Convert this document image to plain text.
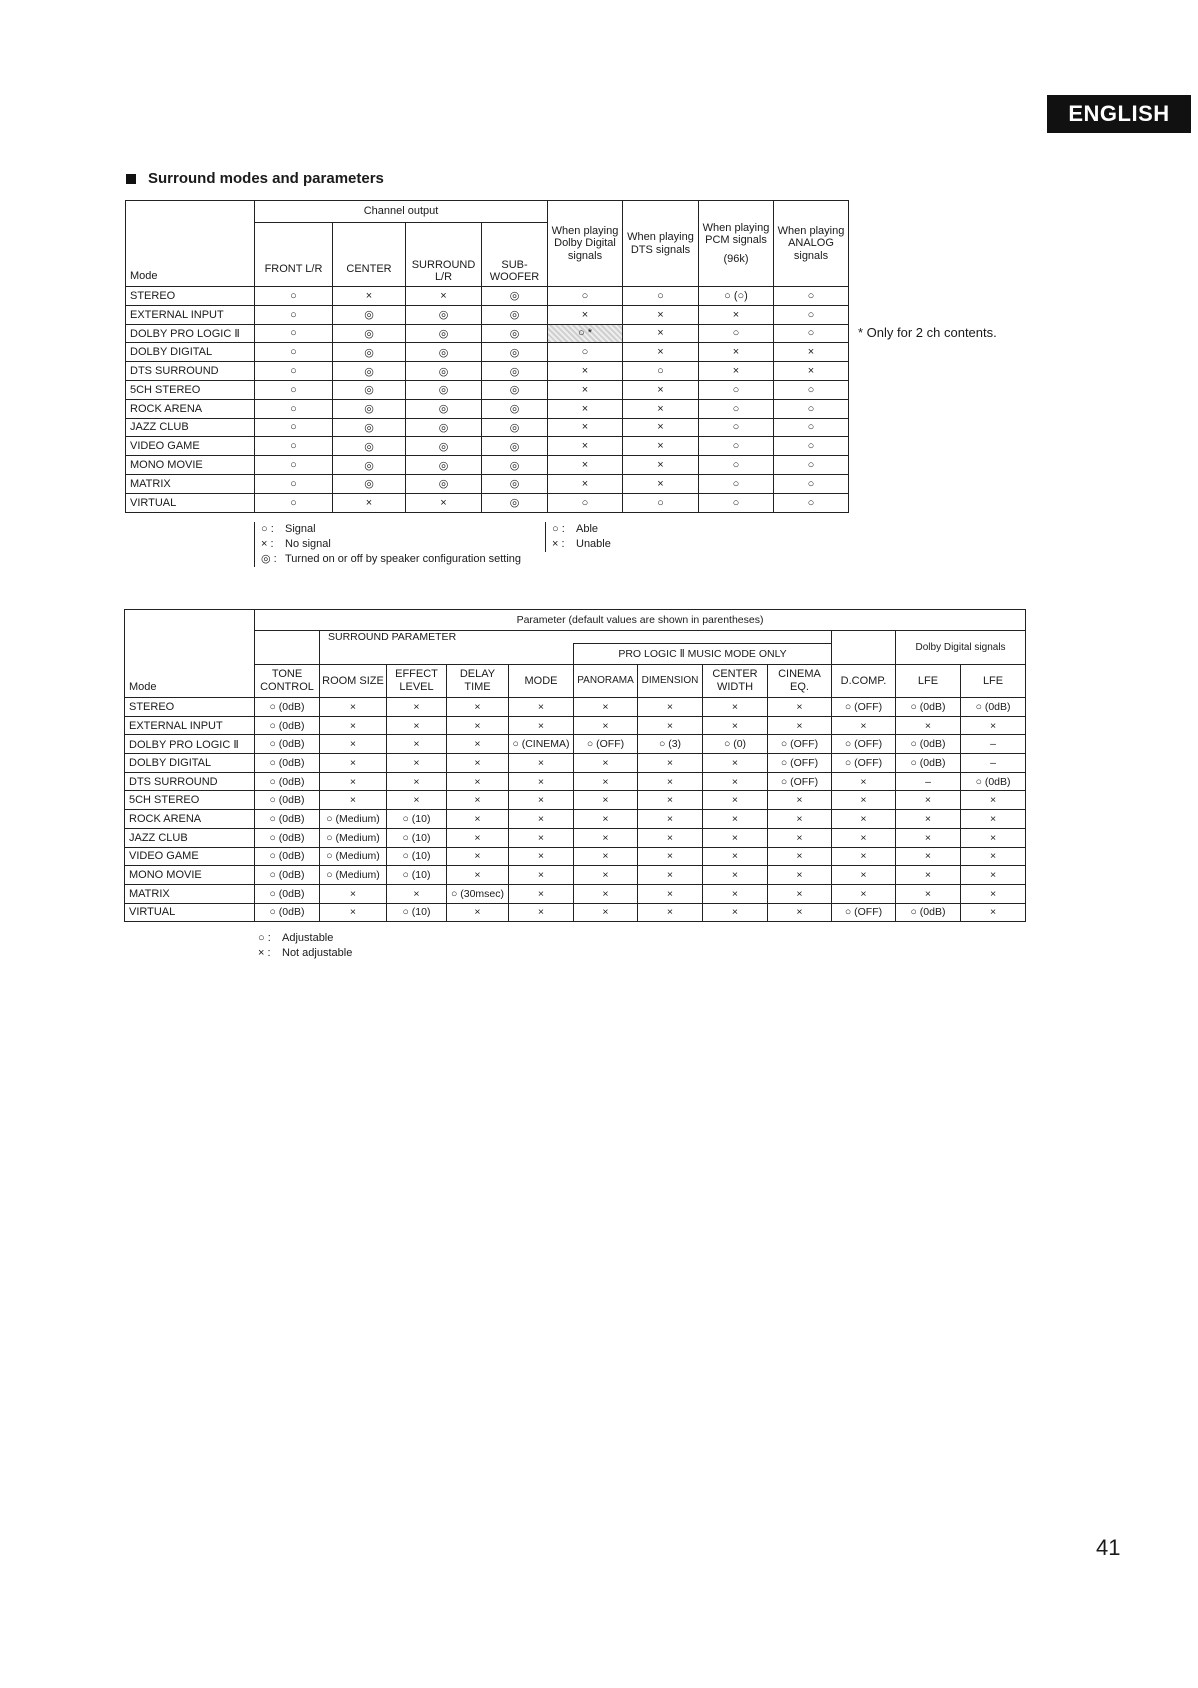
ENGLISH
Surround modes and parameters
Mode	Channel output				When playing Dolby Digital signals	When playing DTS signals	When playing PCM signals
(96k)	When playing ANALOG signals
	FRONT L/R	CENTER	SURROUND L/R	SUB-WOOFER				
STEREO	○	×	×	◎	○	○	○ (○)	○
EXTERNAL INPUT	○	◎	◎	◎	×	×	×	○
DOLBY PRO LOGIC Ⅱ	○	◎	◎	◎	○ *	×	○	○
DOLBY DIGITAL	○	◎	◎	◎	○	×	×	×
DTS SURROUND	○	◎	◎	◎	×	○	×	×
5CH STEREO	○	◎	◎	◎	×	×	○	○
ROCK ARENA	○	◎	◎	◎	×	×	○	○
JAZZ CLUB	○	◎	◎	◎	×	×	○	○
VIDEO GAME	○	◎	◎	◎	×	×	○	○
MONO MOVIE	○	◎	◎	◎	×	×	○	○
MATRIX	○	◎	◎	◎	×	×	○	○
VIRTUAL	○	×	×	◎	○	○	○	○
* Only for 2 ch contents.
○ : Signal
× : No signal
◎ : Turned on or off by speaker configuration setting
○ : Able
× : Unable
Mode	Parameter (default values are shown in parentheses)												
		SURROUND PARAMETER									Dolby Digital signals	
						PRO LOGIC Ⅱ MUSIC MODE ONLY							
	TONE CONTROL	ROOM SIZE	EFFECT LEVEL	DELAY TIME	MODE	PANORAMA	DIMENSION	CENTER WIDTH	CINEMA EQ.	D.COMP.	LFE	LFE	
STEREO	○ (0dB)	×	×	×	×	×	×	×	×	○ (OFF)	○ (0dB)	○ (0dB)	
EXTERNAL INPUT	○ (0dB)	×	×	×	×	×	×	×	×	×	×	×	
DOLBY PRO LOGIC Ⅱ	○ (0dB)	×	×	×	○ (CINEMA)	○ (OFF)	○ (3)	○ (0)	○ (OFF)	○ (OFF)	○ (0dB)	–	
DOLBY DIGITAL	○ (0dB)	×	×	×	×	×	×	×	○ (OFF)	○ (OFF)	○ (0dB)	–	
DTS SURROUND	○ (0dB)	×	×	×	×	×	×	×	○ (OFF)	×	–	○ (0dB)	
5CH STEREO	○ (0dB)	×	×	×	×	×	×	×	×	×	×	×	
ROCK ARENA	○ (0dB)	○ (Medium)	○ (10)	×	×	×	×	×	×	×	×	×	
JAZZ CLUB	○ (0dB)	○ (Medium)	○ (10)	×	×	×	×	×	×	×	×	×	
VIDEO GAME	○ (0dB)	○ (Medium)	○ (10)	×	×	×	×	×	×	×	×	×	
MONO MOVIE	○ (0dB)	○ (Medium)	○ (10)	×	×	×	×	×	×	×	×	×	
MATRIX	○ (0dB)	×	×	○ (30msec)	×	×	×	×	×	×	×	×	
VIRTUAL	○ (0dB)	×	○ (10)	×	×	×	×	×	×	○ (OFF)	○ (0dB)	×	
○ : Adjustable
× : Not adjustable
41
